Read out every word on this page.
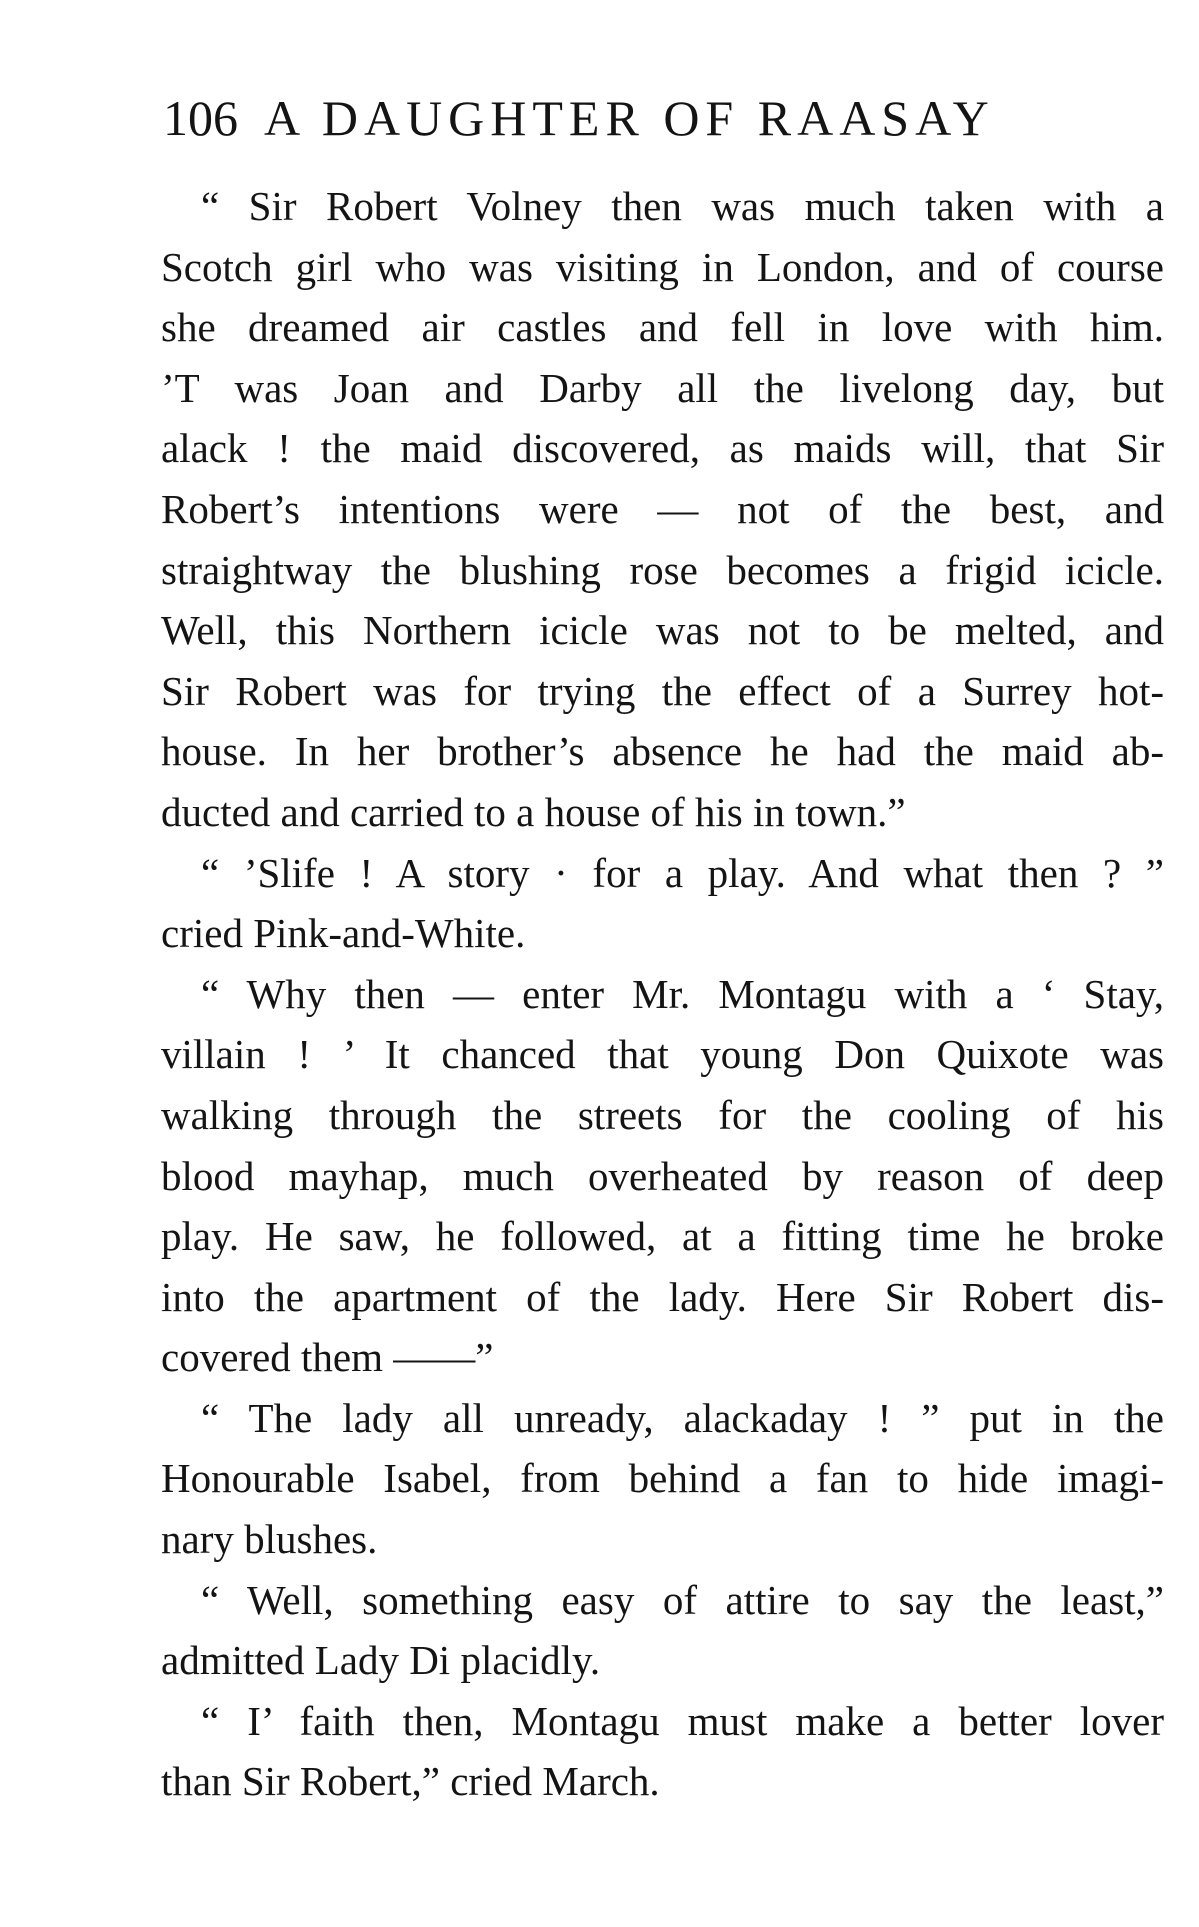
106 A DAUGHTER OF RAASAY
“ Sir Robert Volney then was much taken with a
Scotch girl who was visiting in London, and of course
she dreamed air castles and fell in love with him.
’T was Joan and Darby all the livelong day, but
alack ! the maid discovered, as maids will, that Sir
Robert’s intentions were — not of the best, and
straightway the blushing rose becomes a frigid icicle.
Well, this Northern icicle was not to be melted, and
Sir Robert was for trying the effect of a Surrey hot-
house. In her brother’s absence he had the maid ab-
ducted and carried to a house of his in town.”
“ ’Slife ! A story · for a play. And what then ? ”
cried Pink-and-White.
“ Why then — enter Mr. Montagu with a ‘ Stay,
villain ! ’ It chanced that young Don Quixote was
walking through the streets for the cooling of his
blood mayhap, much overheated by reason of deep
play. He saw, he followed, at a fitting time he broke
into the apartment of the lady. Here Sir Robert dis-
covered them ——”
“ The lady all unready, alackaday ! ” put in the
Honourable Isabel, from behind a fan to hide imagi-
nary blushes.
“ Well, something easy of attire to say the least,”
admitted Lady Di placidly.
“ I’ faith then, Montagu must make a better lover
than Sir Robert,” cried March.
